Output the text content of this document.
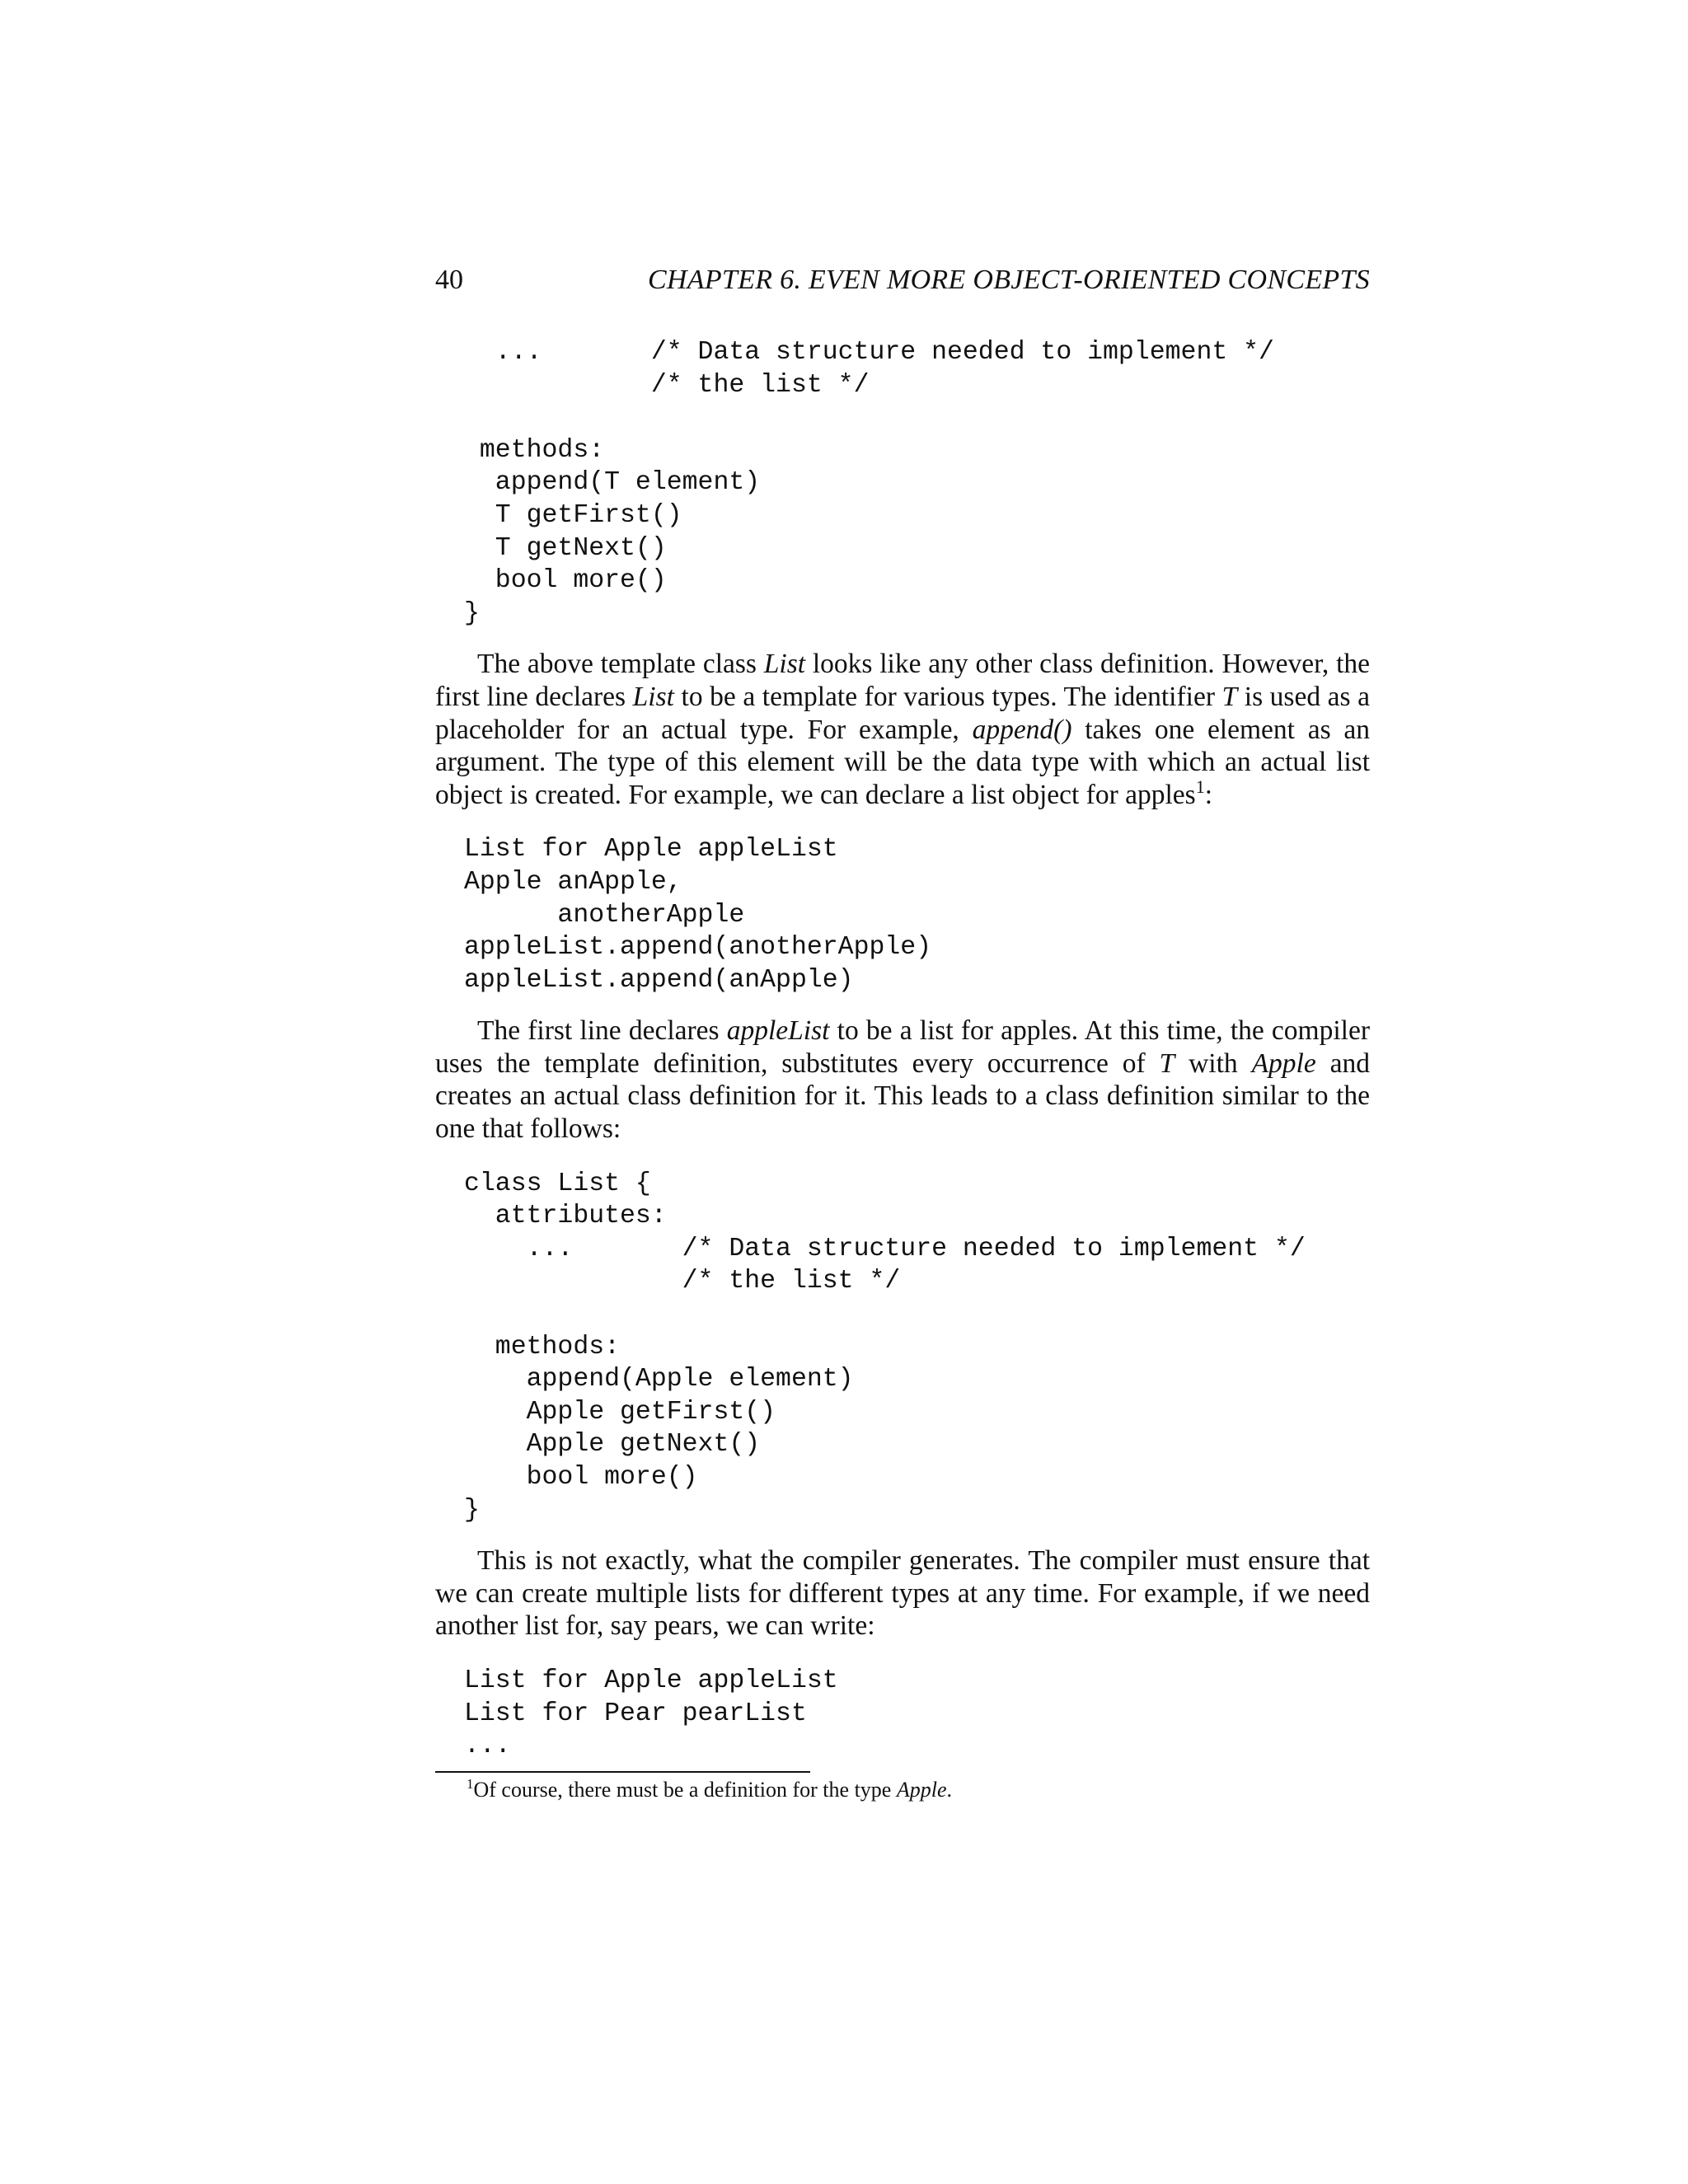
40	CHAPTER 6. EVEN MORE OBJECT-ORIENTED CONCEPTS
...       /* Data structure needed to implement */
/* the list */
methods:
append(T element)
T getFirst()
T getNext()
bool more()
}

The above template class List looks like any other class definition. However, the first line declares List to be a template for various types. The identifier T is used as a placeholder for an actual type. For example, append() takes one element as an argument. The type of this element will be the data type with which an actual list object is created. For example, we can declare a list object for apples$^1$:

List for Apple appleList
Apple anApple,
anotherApple
appleList.append(anotherApple)
appleList.append(anApple)

The first line declares appleList to be a list for apples. At this time, the compiler uses the template definition, substitutes every occurrence of T with Apple and creates an actual class definition for it. This leads to a class definition similar to the one that follows:

class List {
attributes:
...       /* Data structure needed to implement */
/* the list */
methods:
append(Apple element)
Apple getFirst()
Apple getNext()
bool more()
}

This is not exactly, what the compiler generates. The compiler must ensure that we can create multiple lists for different types at any time. For example, if we need another list for, say pears, we can write:

List for Apple appleList
List for Pear pearList
...
$^1$Of course, there must be a definition for the type Apple.
